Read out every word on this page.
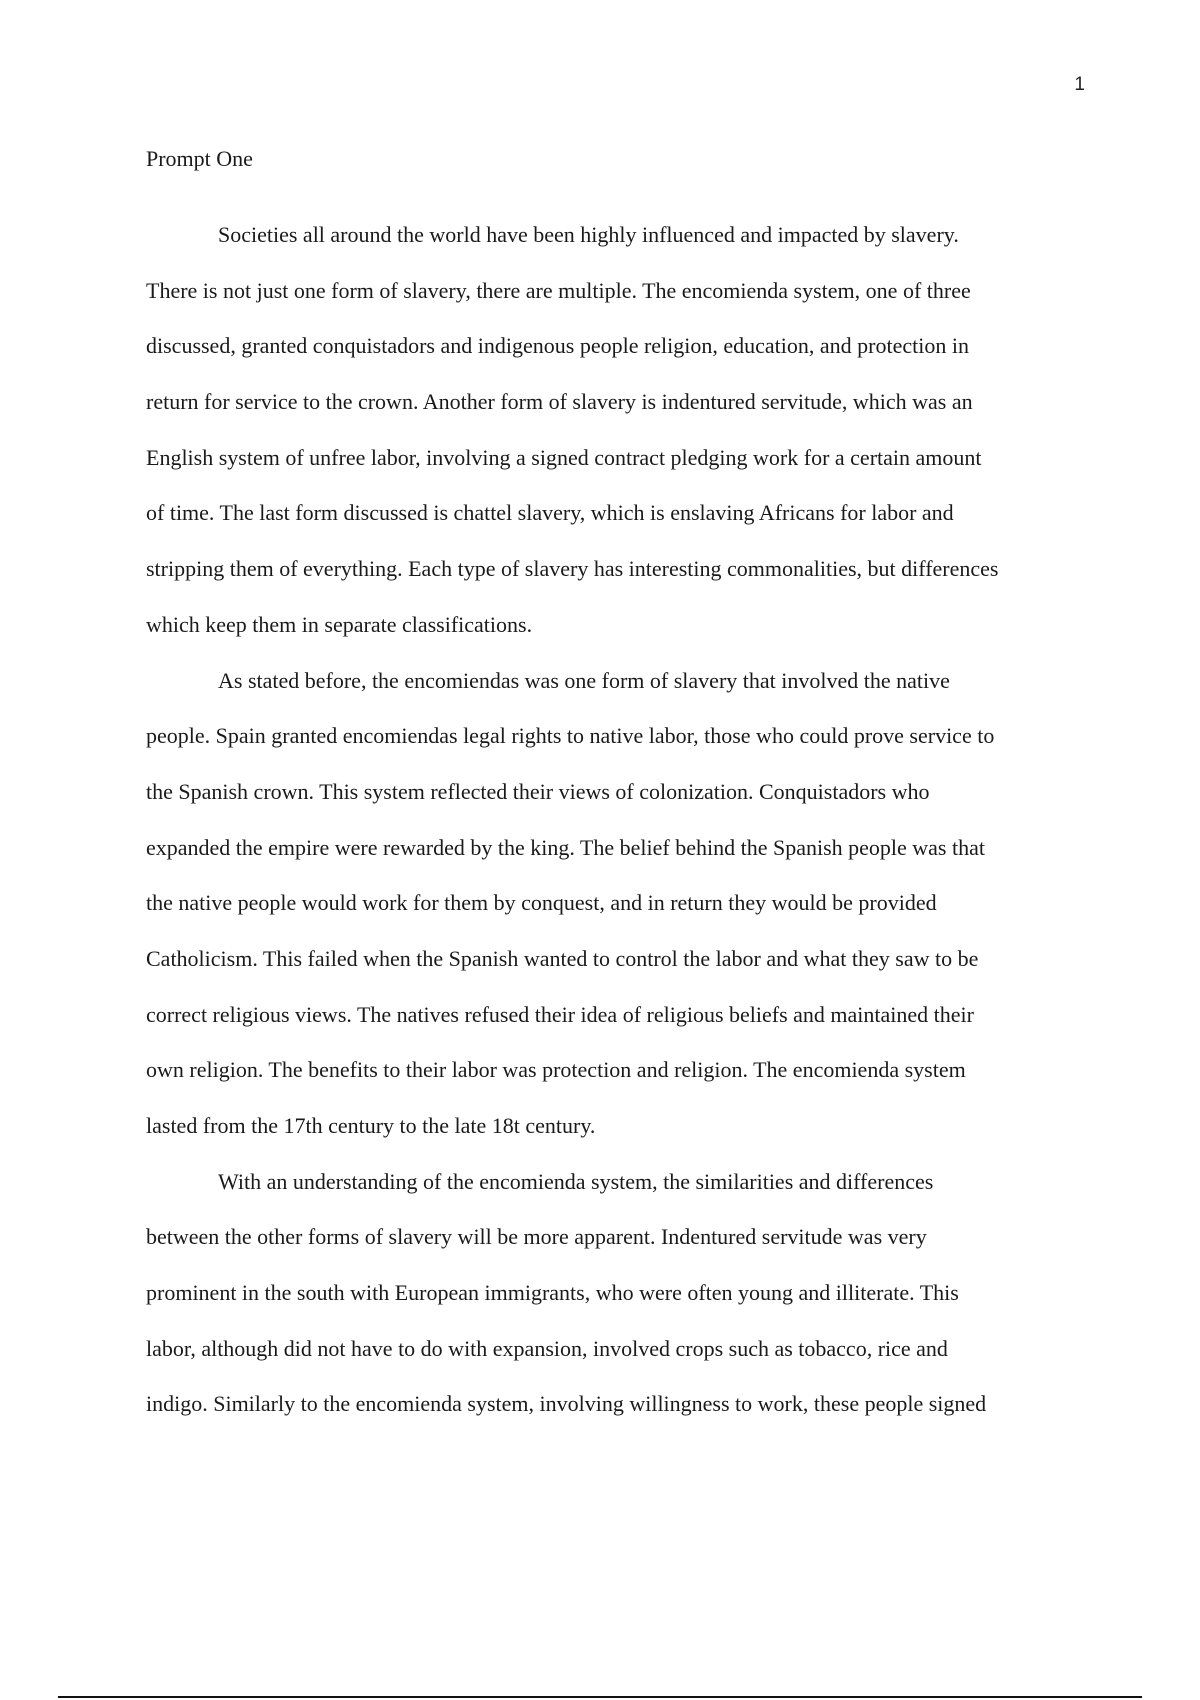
1
Prompt One
Societies all around the world have been highly influenced and impacted by slavery.
There is not just one form of slavery, there are multiple. The encomienda system, one of three
discussed, granted conquistadors and indigenous people religion, education, and protection in
return for service to the crown. Another form of slavery is indentured servitude, which was an
English system of unfree labor, involving a signed contract pledging work for a certain amount
of time. The last form discussed is chattel slavery, which is enslaving Africans for labor and
stripping them of everything. Each type of slavery has interesting commonalities, but differences
which keep them in separate classifications.
As stated before, the encomiendas was one form of slavery that involved the native
people. Spain granted encomiendas legal rights to native labor, those who could prove service to
the Spanish crown. This system reflected their views of colonization. Conquistadors who
expanded the empire were rewarded by the king. The belief behind the Spanish people was that
the native people would work for them by conquest, and in return they would be provided
Catholicism. This failed when the Spanish wanted to control the labor and what they saw to be
correct religious views. The natives refused their idea of religious beliefs and maintained their
own religion. The benefits to their labor was protection and religion. The encomienda system
lasted from the 17th century to the late 18t century.
With an understanding of the encomienda system, the similarities and differences
between the other forms of slavery will be more apparent. Indentured servitude was very
prominent in the south with European immigrants, who were often young and illiterate. This
labor, although did not have to do with expansion, involved crops such as tobacco, rice and
indigo. Similarly to the encomienda system, involving willingness to work, these people signed
